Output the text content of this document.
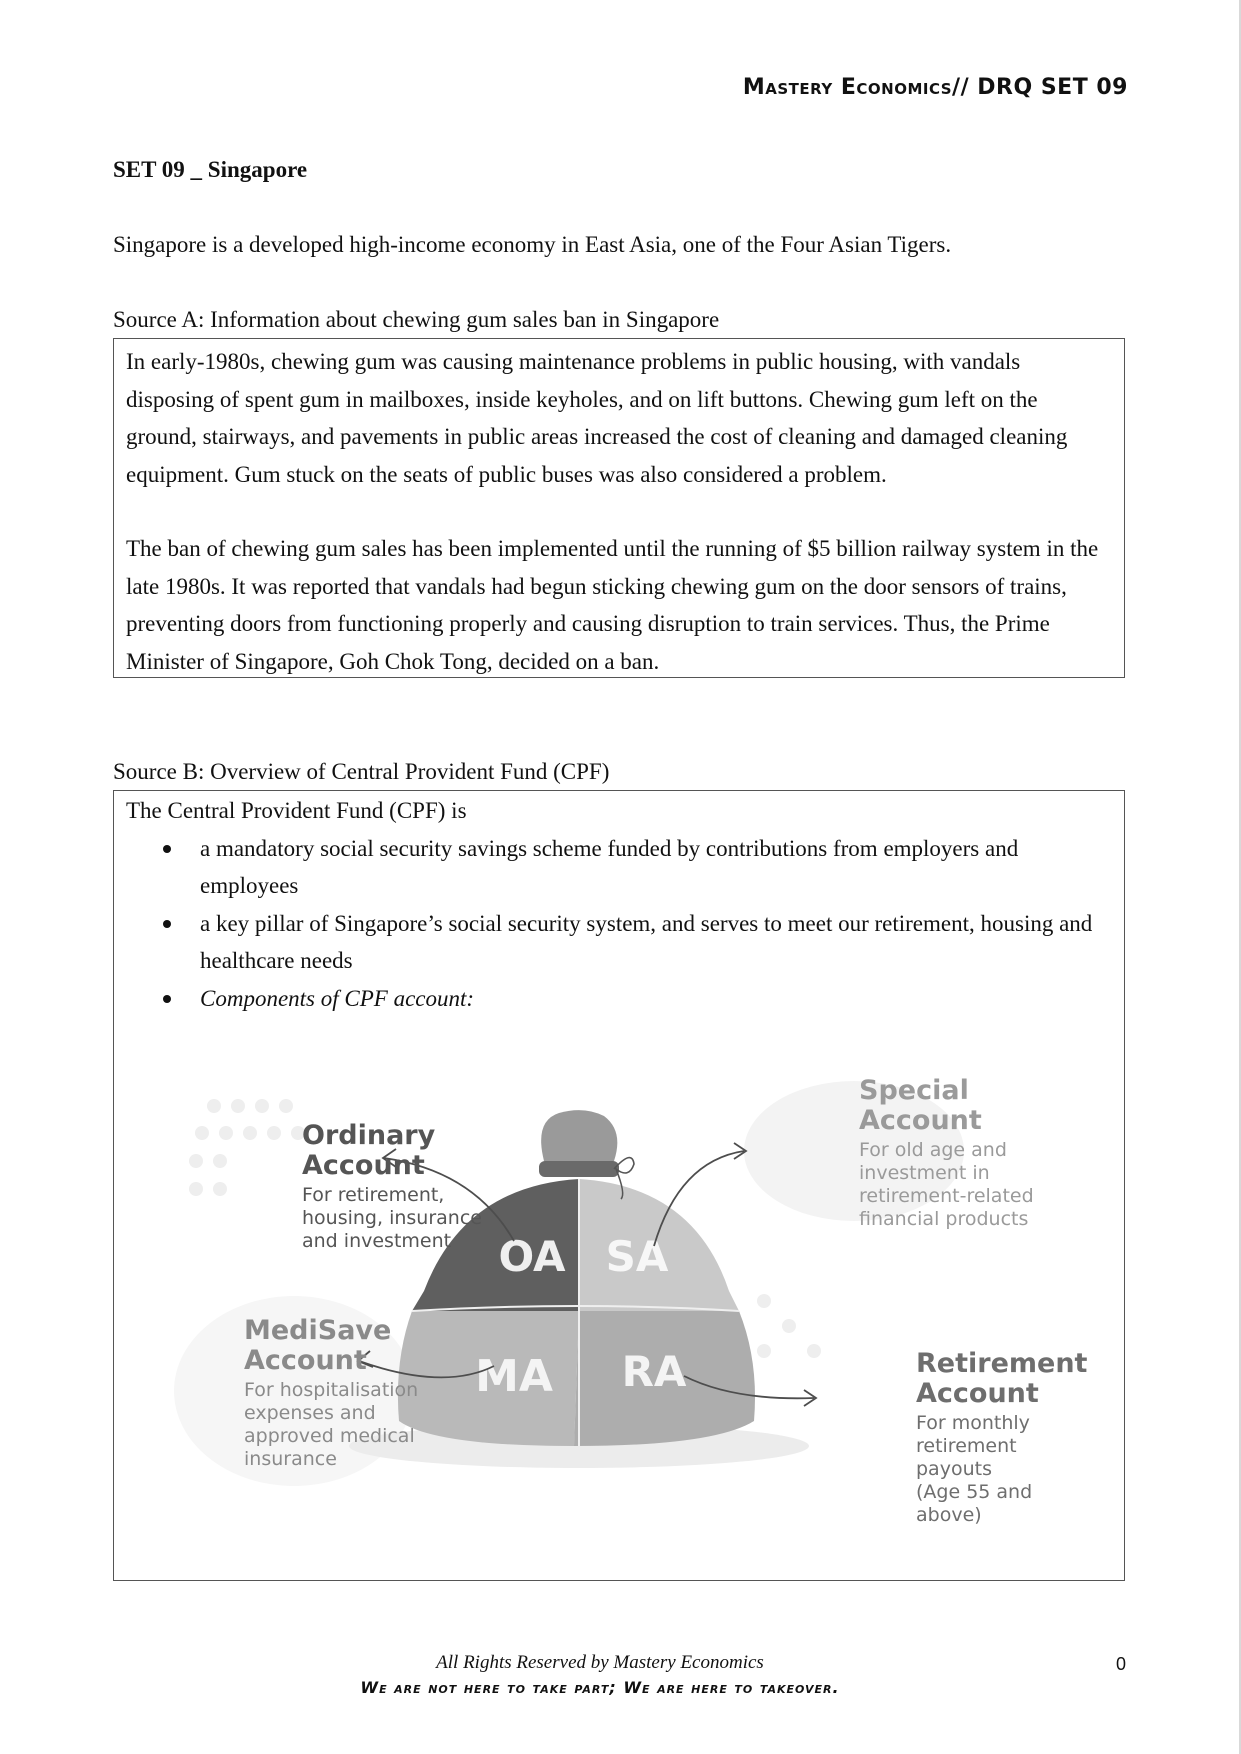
Mastery Economics// DRQ SET 09
SET 09 _ Singapore
Singapore is a developed high-income economy in East Asia, one of the Four Asian Tigers.
Source A: Information about chewing gum sales ban in Singapore

In early-1980s, chewing gum was causing maintenance problems in public housing, with vandals disposing of spent gum in mailboxes, inside keyholes, and on lift buttons. Chewing gum left on the ground, stairways, and pavements in public areas increased the cost of cleaning and damaged cleaning equipment. Gum stuck on the seats of public buses was also considered a problem.

The ban of chewing gum sales has been implemented until the running of $5 billion railway system in the late 1980s. It was reported that vandals had begun sticking chewing gum on the door sensors of trains, preventing doors from functioning properly and causing disruption to train services. Thus, the Prime Minister of Singapore, Goh Chok Tong, decided on a ban.

Source B: Overview of Central Provident Fund (CPF)

The Central Provident Fund (CPF) is

a mandatory social security savings scheme funded by contributions from employers and employees
a key pillar of Singapore’s social security system, and serves to meet our retirement, housing and healthcare needs
Components of CPF account:
OA SA
MA RA
Ordinary
Account
For retirement,
housing, insurance
and investment
Special
Account
For old age and
investment in
retirement-related
financial products
MediSave
Account
For hospitalisation
expenses and
approved medical
insurance
Retirement
Account
For monthly
retirement payouts
(Age 55 and above)
All Rights Reserved by Mastery Economics
We are not here to take part; We are here to takeover.
0
